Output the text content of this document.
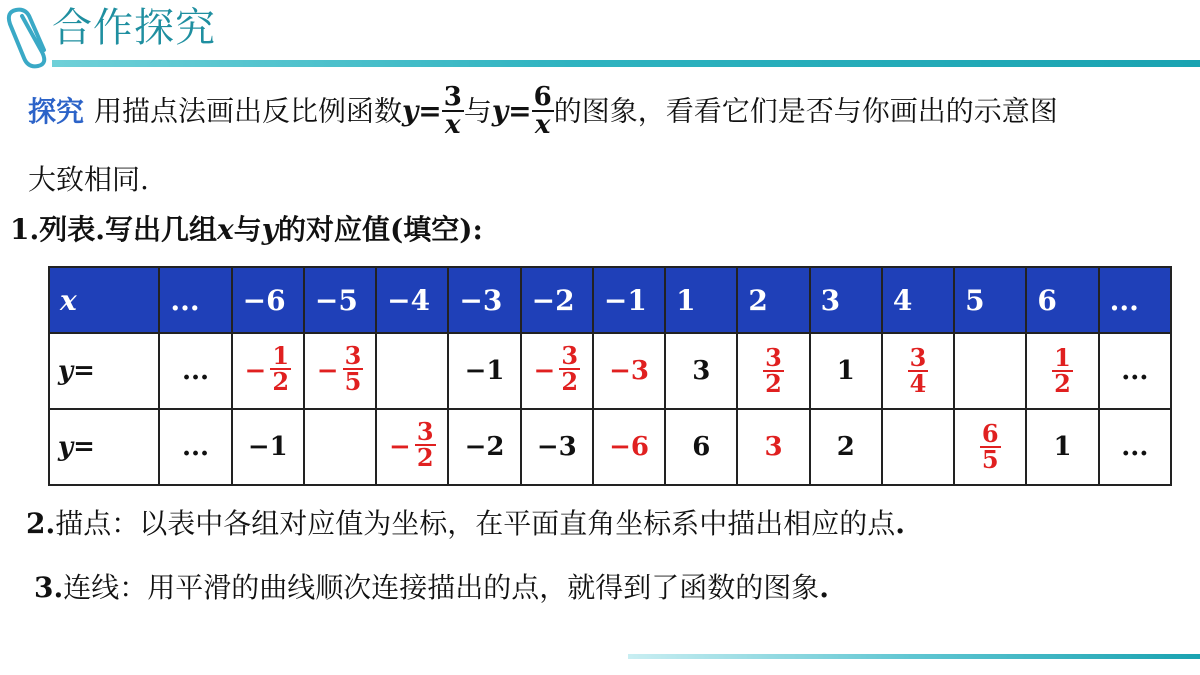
合作探究
探究 用描点法画出反比例函数$y= \frac{3}{x}$ 与$y= \frac{6}{x}$ 的图象，看看它们是否与你画出的示意图
大致相同.
1.列表.写出几组x与y的对应值(填空):
x	...	−6	−5	−4	−3	−2	−1	1	2	3	4	5	6	...
y=	...	− $\frac{1}{2}$	− $\frac{3}{5}$		−1	− $\frac{3}{2}$	−3	3	$\frac{3}{2}$	1	$\frac{3}{4}$		$\frac{1}{2}$	...
y=	...	−1		− $\frac{3}{2}$	−2	−3	−6	6	3	2		$\frac{6}{5}$	1	...
2.描点：以表中各组对应值为坐标，在平面直角坐标系中描出相应的点.
3.连线：用平滑的曲线顺次连接描出的点，就得到了函数的图象.
